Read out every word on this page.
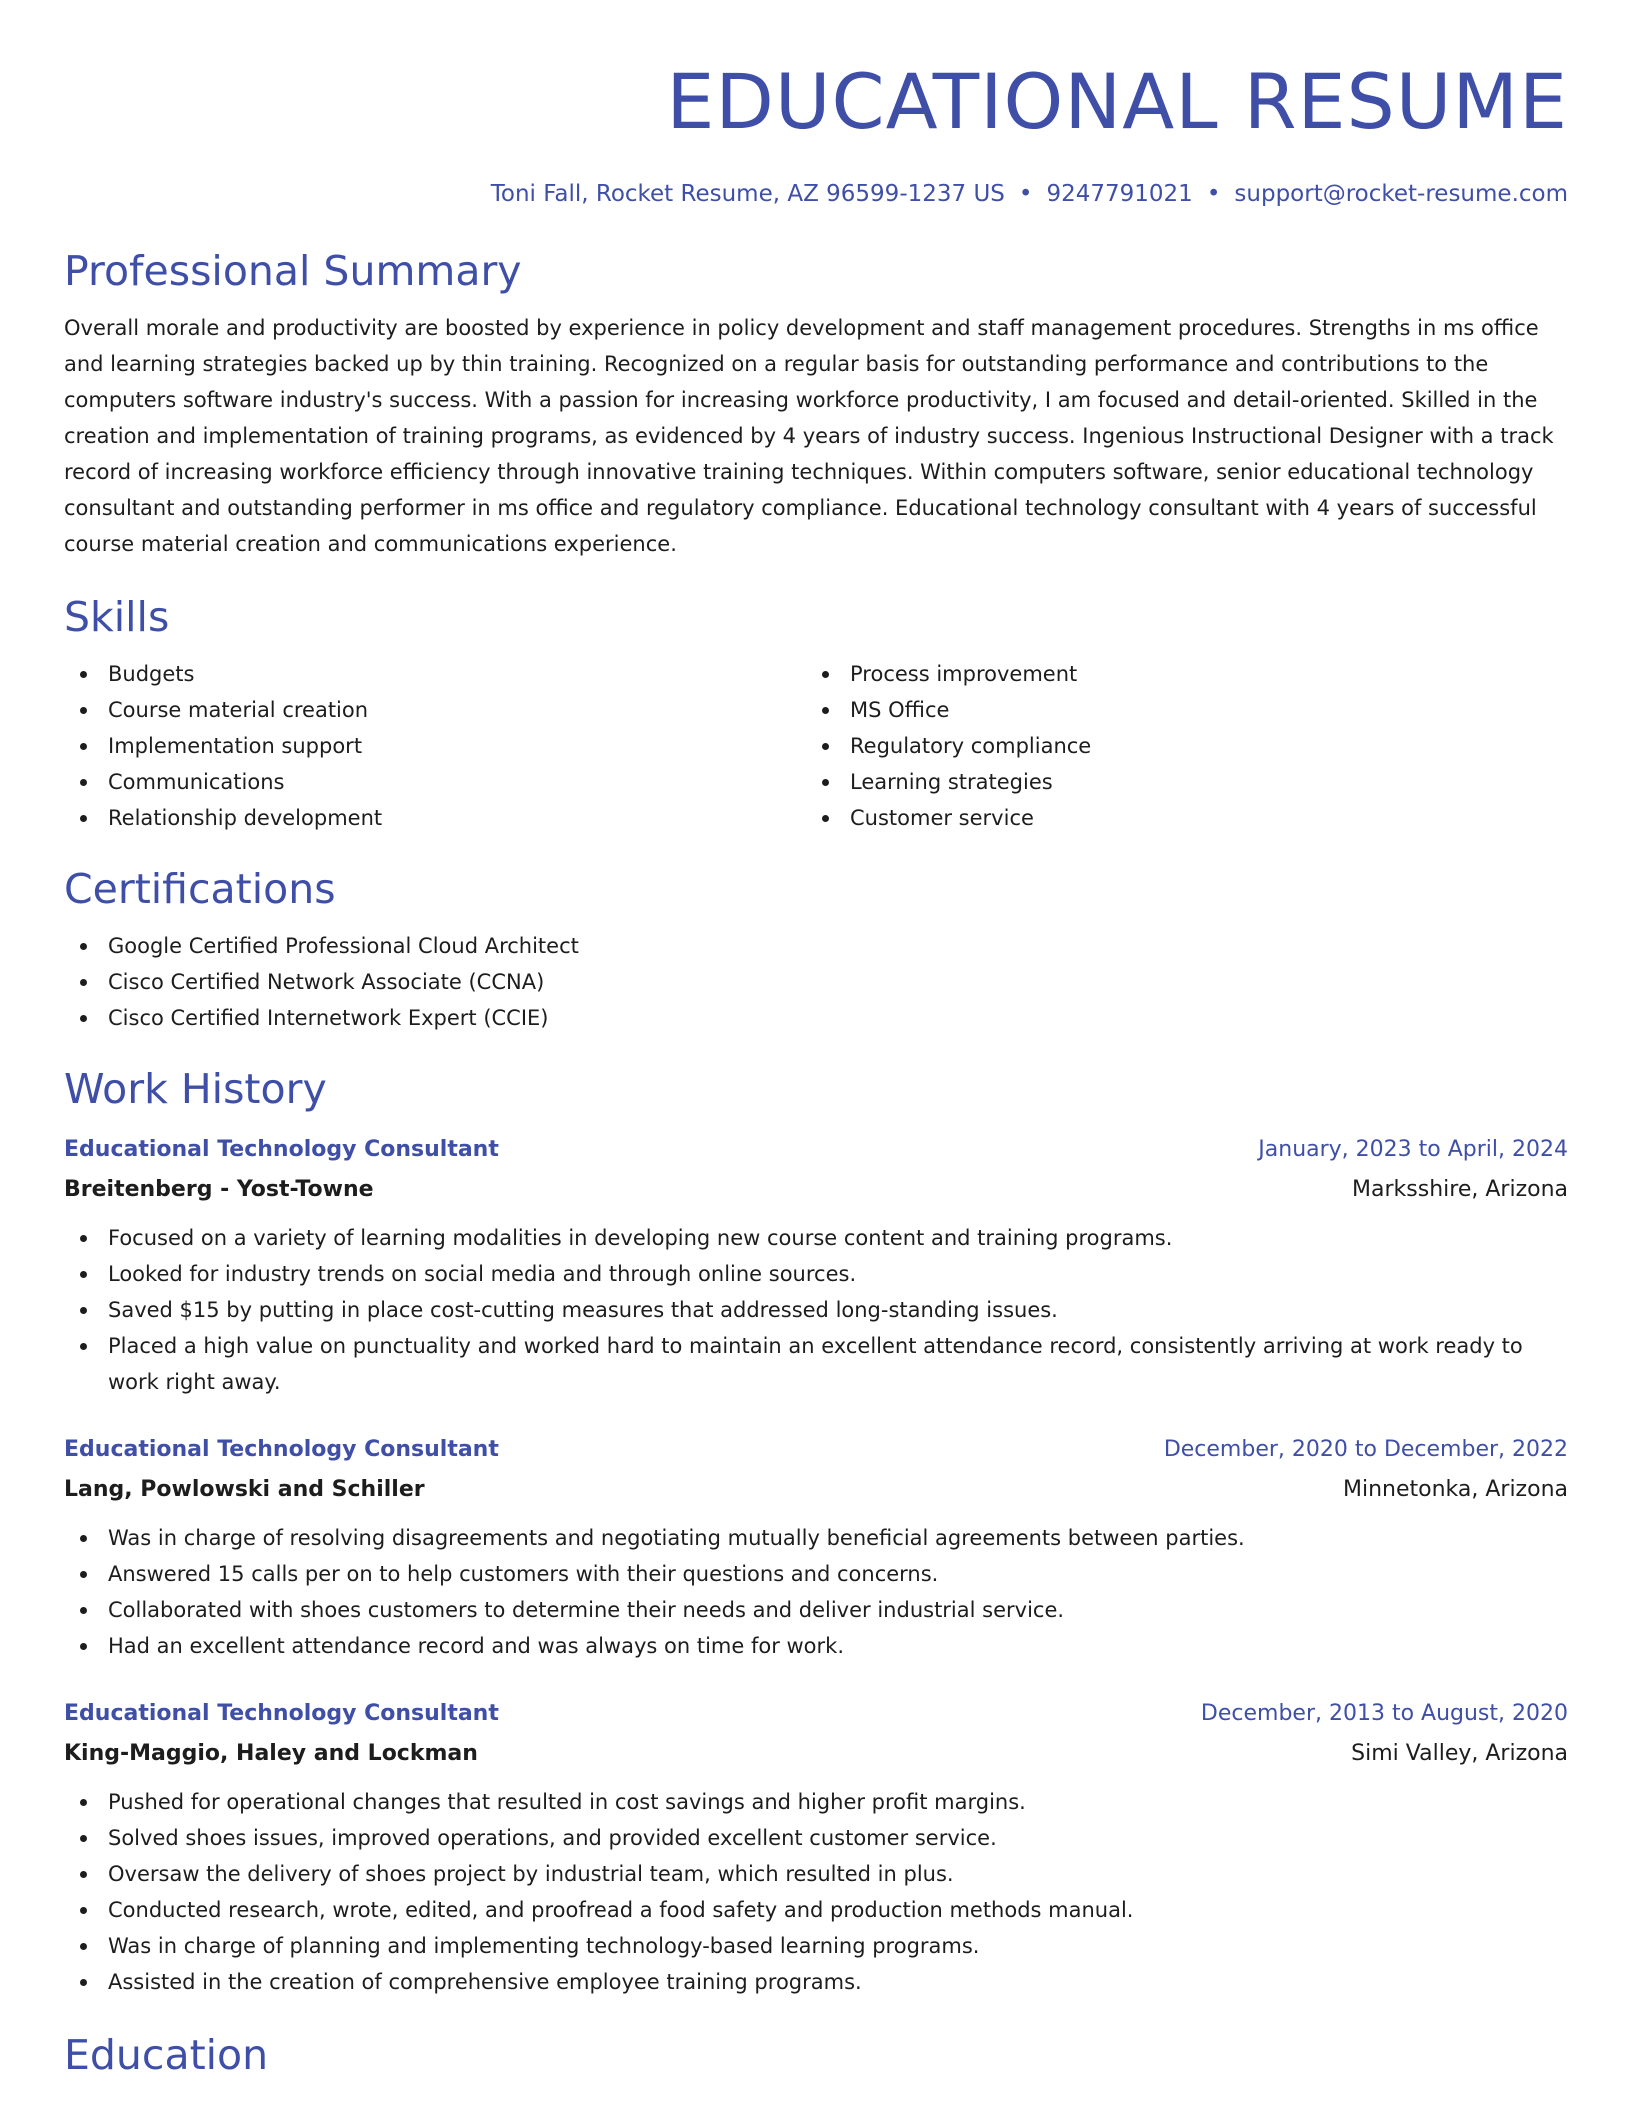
EDUCATIONAL RESUME
Toni Fall, Rocket Resume, AZ 96599-1237 US • 9247791021 • support@rocket-resume.com
Professional Summary

Overall morale and productivity are boosted by experience in policy development and staff management procedures. Strengths in ms office and learning strategies backed up by thin training. Recognized on a regular basis for outstanding performance and contributions to the computers software industry's success. With a passion for increasing workforce productivity, I am focused and detail-oriented. Skilled in the creation and implementation of training programs, as evidenced by 4 years of industry success. Ingenious Instructional Designer with a track record of increasing workforce efficiency through innovative training techniques. Within computers software, senior educational technology consultant and outstanding performer in ms office and regulatory compliance. Educational technology consultant with 4 years of successful course material creation and communications experience.

Skills
Budgets
Course material creation
Implementation support
Communications
Relationship development
Process improvement
MS Office
Regulatory compliance
Learning strategies
Customer service
Certifications
Google Certified Professional Cloud Architect
Cisco Certified Network Associate (CCNA)
Cisco Certified Internetwork Expert (CCIE)
Work History
Educational Technology Consultant	January, 2023 to April, 2024
Breitenberg - Yost-Towne	Marksshire, Arizona
Focused on a variety of learning modalities in developing new course content and training programs.
Looked for industry trends on social media and through online sources.
Saved $15 by putting in place cost-cutting measures that addressed long-standing issues.
Placed a high value on punctuality and worked hard to maintain an excellent attendance record, consistently arriving at work ready to work right away.
Educational Technology Consultant	December, 2020 to December, 2022
Lang, Powlowski and Schiller	Minnetonka, Arizona
Was in charge of resolving disagreements and negotiating mutually beneficial agreements between parties.
Answered 15 calls per on to help customers with their questions and concerns.
Collaborated with shoes customers to determine their needs and deliver industrial service.
Had an excellent attendance record and was always on time for work.
Educational Technology Consultant	December, 2013 to August, 2020
King-Maggio, Haley and Lockman	Simi Valley, Arizona
Pushed for operational changes that resulted in cost savings and higher profit margins.
Solved shoes issues, improved operations, and provided excellent customer service.
Oversaw the delivery of shoes project by industrial team, which resulted in plus.
Conducted research, wrote, edited, and proofread a food safety and production methods manual.
Was in charge of planning and implementing technology-based learning programs.
Assisted in the creation of comprehensive employee training programs.
Education
